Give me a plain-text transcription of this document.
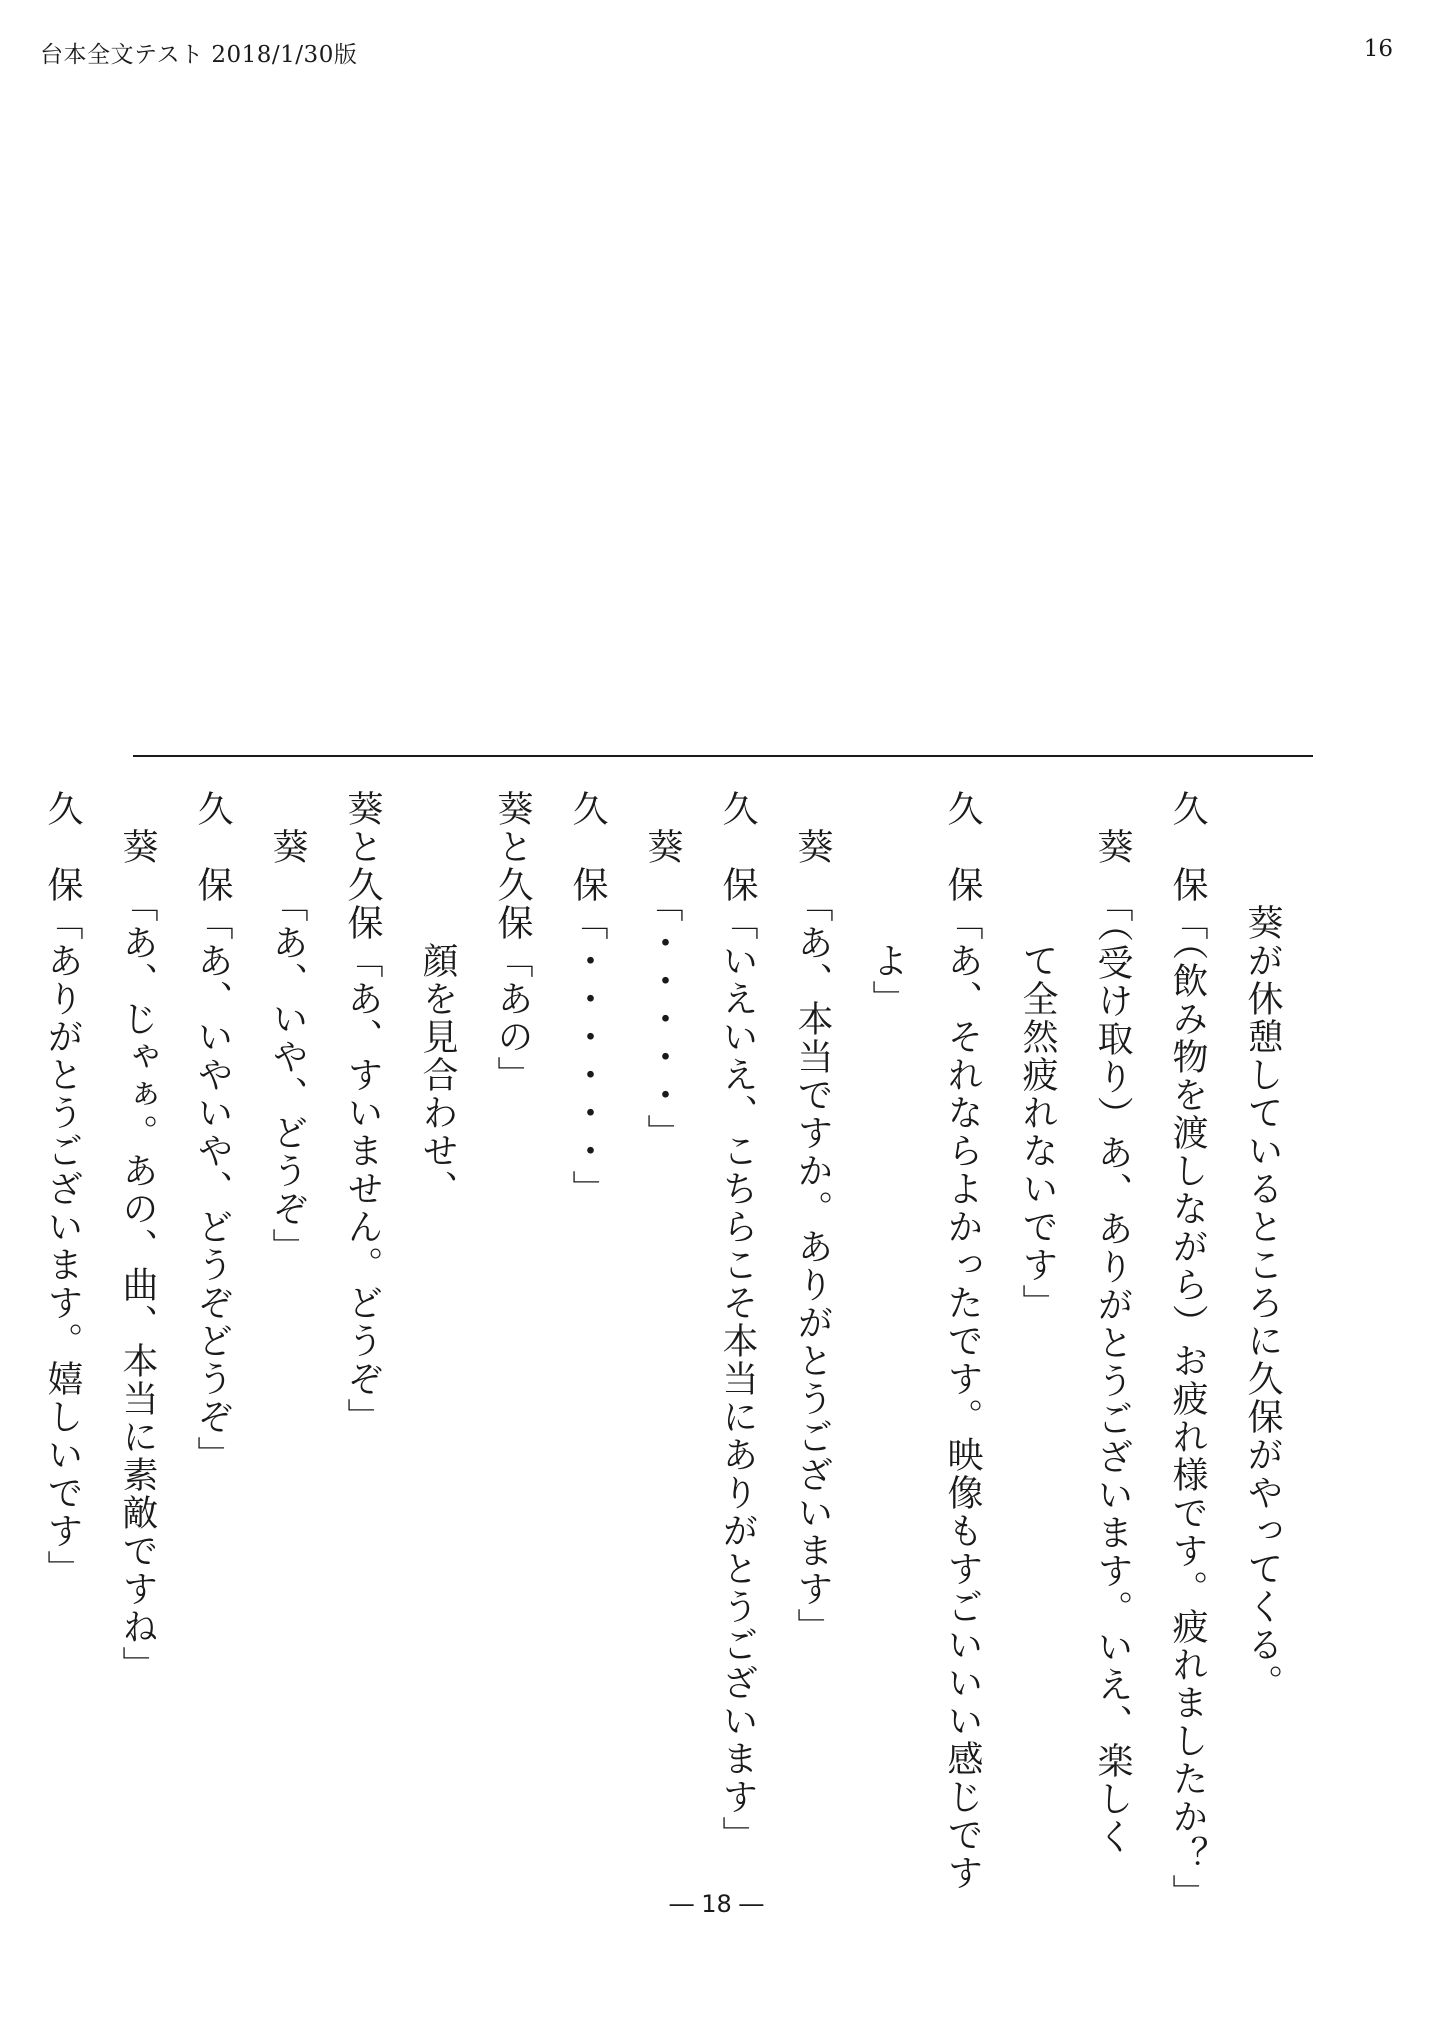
台本全文テスト 2018/1/30版	16
　　　葵が休憩しているところに久保がやってくる。
久　保「（飲み物を渡しながら）お疲れ様です。疲れましたか？」
　葵　「（受け取り）あ、ありがとうございます。いえ、楽しく
　　　　て全然疲れないです」
久　保「あ、それならよかったです。映像もすごいいい感じです
　　　　よ」
　葵　「あ、本当ですか。ありがとうございます」
久　保「いえいえ、こちらこそ本当にありがとうございます」
　葵　「・・・・・」
久　保「・・・・・・」
葵と久保「あの」
　　　　顔を見合わせ、
葵と久保「あ、すいません。どうぞ」
　葵　「あ、いや、どうぞ」
久　保「あ、いやいや、どうぞどうぞ」
　葵　「あ、じゃぁ。あの、曲、本当に素敵ですね」
久　保「ありがとうございます。嬉しいです」
― 18 ―
